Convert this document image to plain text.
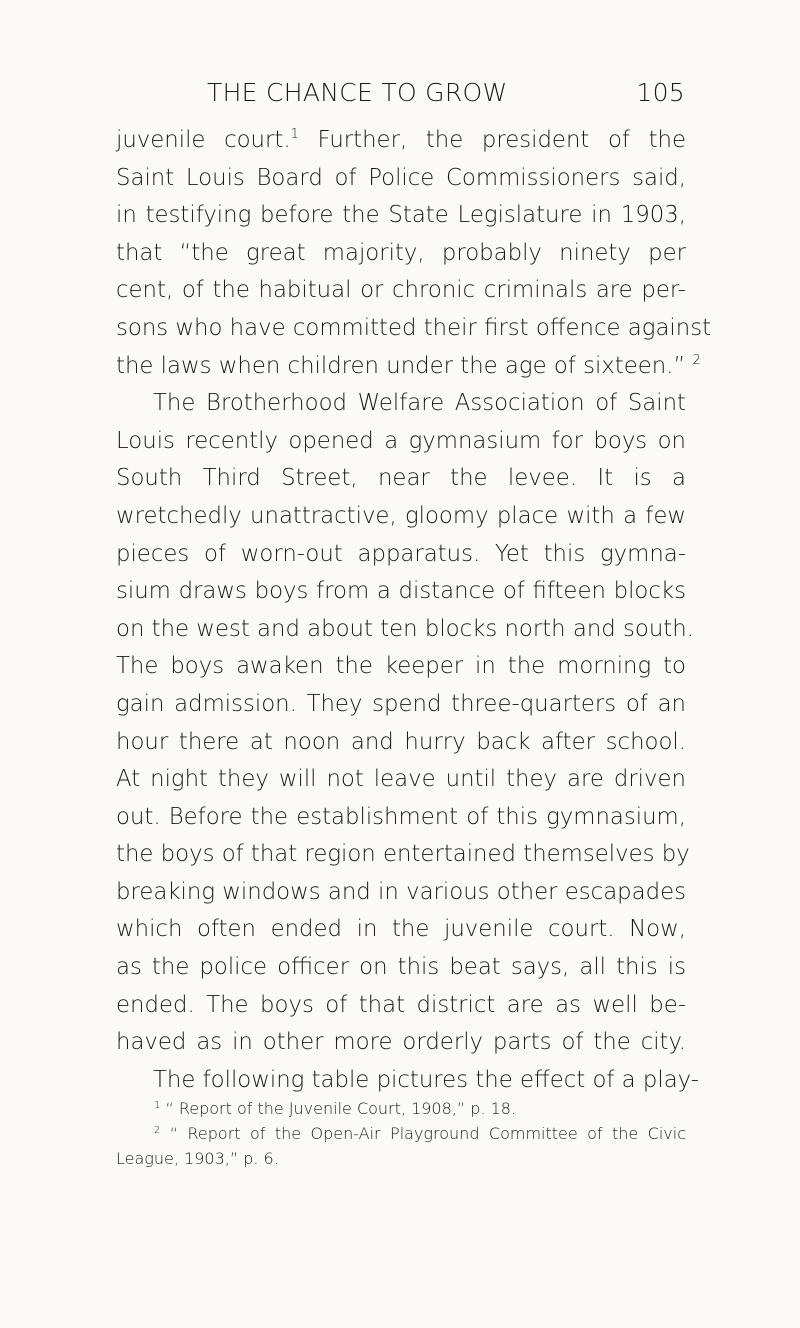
THE CHANCE TO GROW	105
juvenile court.$^1$ Further, the president of the
Saint Louis Board of Police Commissioners said,
in testifying before the State Legislature in 1903,
that “the great majority, probably ninety per
cent, of the habitual or chronic criminals are per-
sons who have committed their first offence against
the laws when children under the age of sixteen.” $^2$
The Brotherhood Welfare Association of Saint
Louis recently opened a gymnasium for boys on
South Third Street, near the levee. It is a
wretchedly unattractive, gloomy place with a few
pieces of worn-out apparatus. Yet this gymna-
sium draws boys from a distance of fifteen blocks
on the west and about ten blocks north and south.
The boys awaken the keeper in the morning to
gain admission. They spend three-quarters of an
hour there at noon and hurry back after school.
At night they will not leave until they are driven
out. Before the establishment of this gymnasium,
the boys of that region entertained themselves by
breaking windows and in various other escapades
which often ended in the juvenile court. Now,
as the police officer on this beat says, all this is
ended. The boys of that district are as well be-
haved as in other more orderly parts of the city.
The following table pictures the effect of a play-
$^1$ “ Report of the Juvenile Court, 1908,” p. 18.
$^2$ “ Report of the Open-Air Playground Committee of the Civic
League, 1903,” p. 6.
